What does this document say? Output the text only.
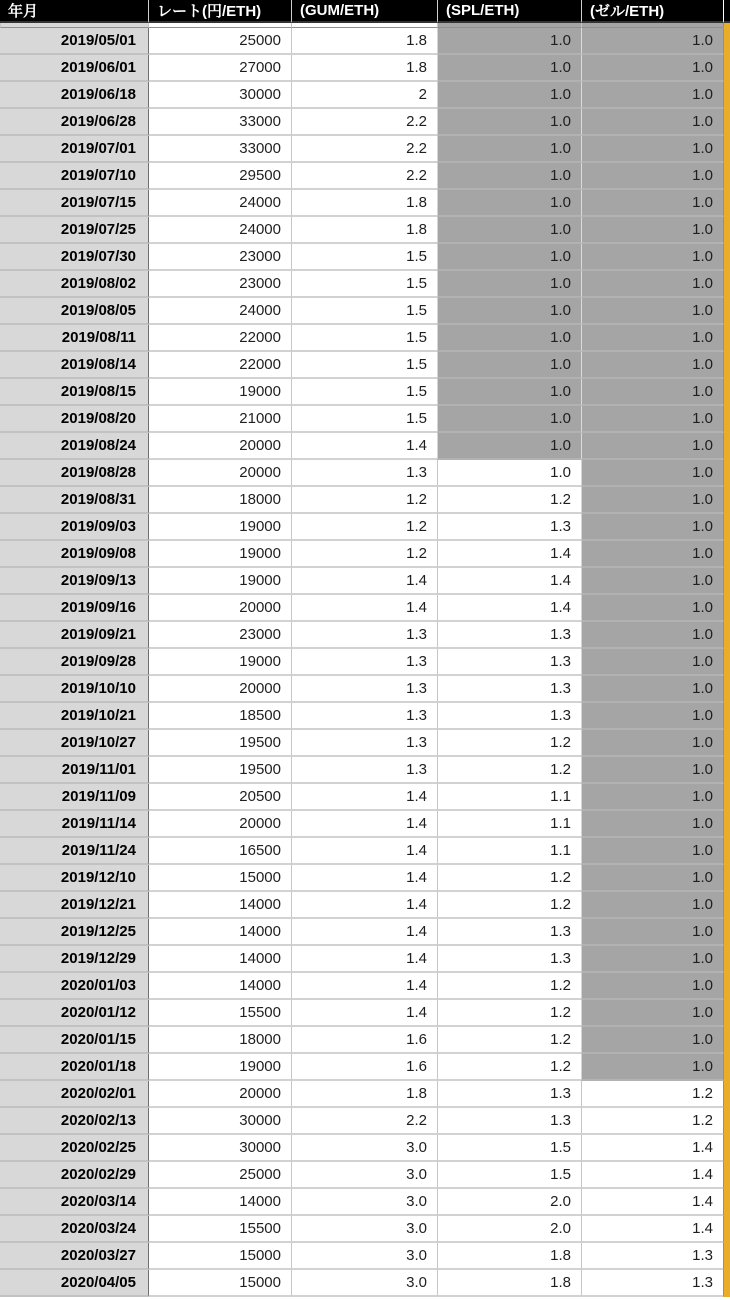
年月	レート(円/ETH)	(GUM/ETH)	(SPL/ETH)	(ゼル/ETH)	

2019/05/01	25000	1.8	1.0	1.0	
2019/06/01	27000	1.8	1.0	1.0	
2019/06/18	30000	2	1.0	1.0	
2019/06/28	33000	2.2	1.0	1.0	
2019/07/01	33000	2.2	1.0	1.0	
2019/07/10	29500	2.2	1.0	1.0	
2019/07/15	24000	1.8	1.0	1.0	
2019/07/25	24000	1.8	1.0	1.0	
2019/07/30	23000	1.5	1.0	1.0	
2019/08/02	23000	1.5	1.0	1.0	
2019/08/05	24000	1.5	1.0	1.0	
2019/08/11	22000	1.5	1.0	1.0	
2019/08/14	22000	1.5	1.0	1.0	
2019/08/15	19000	1.5	1.0	1.0	
2019/08/20	21000	1.5	1.0	1.0	
2019/08/24	20000	1.4	1.0	1.0	
2019/08/28	20000	1.3	1.0	1.0	
2019/08/31	18000	1.2	1.2	1.0	
2019/09/03	19000	1.2	1.3	1.0	
2019/09/08	19000	1.2	1.4	1.0	
2019/09/13	19000	1.4	1.4	1.0	
2019/09/16	20000	1.4	1.4	1.0	
2019/09/21	23000	1.3	1.3	1.0	
2019/09/28	19000	1.3	1.3	1.0	
2019/10/10	20000	1.3	1.3	1.0	
2019/10/21	18500	1.3	1.3	1.0	
2019/10/27	19500	1.3	1.2	1.0	
2019/11/01	19500	1.3	1.2	1.0	
2019/11/09	20500	1.4	1.1	1.0	
2019/11/14	20000	1.4	1.1	1.0	
2019/11/24	16500	1.4	1.1	1.0	
2019/12/10	15000	1.4	1.2	1.0	
2019/12/21	14000	1.4	1.2	1.0	
2019/12/25	14000	1.4	1.3	1.0	
2019/12/29	14000	1.4	1.3	1.0	
2020/01/03	14000	1.4	1.2	1.0	
2020/01/12	15500	1.4	1.2	1.0	
2020/01/15	18000	1.6	1.2	1.0	
2020/01/18	19000	1.6	1.2	1.0	
2020/02/01	20000	1.8	1.3	1.2	
2020/02/13	30000	2.2	1.3	1.2	
2020/02/25	30000	3.0	1.5	1.4	
2020/02/29	25000	3.0	1.5	1.4	
2020/03/14	14000	3.0	2.0	1.4	
2020/03/24	15500	3.0	2.0	1.4	
2020/03/27	15000	3.0	1.8	1.3	
2020/04/05	15000	3.0	1.8	1.3	
